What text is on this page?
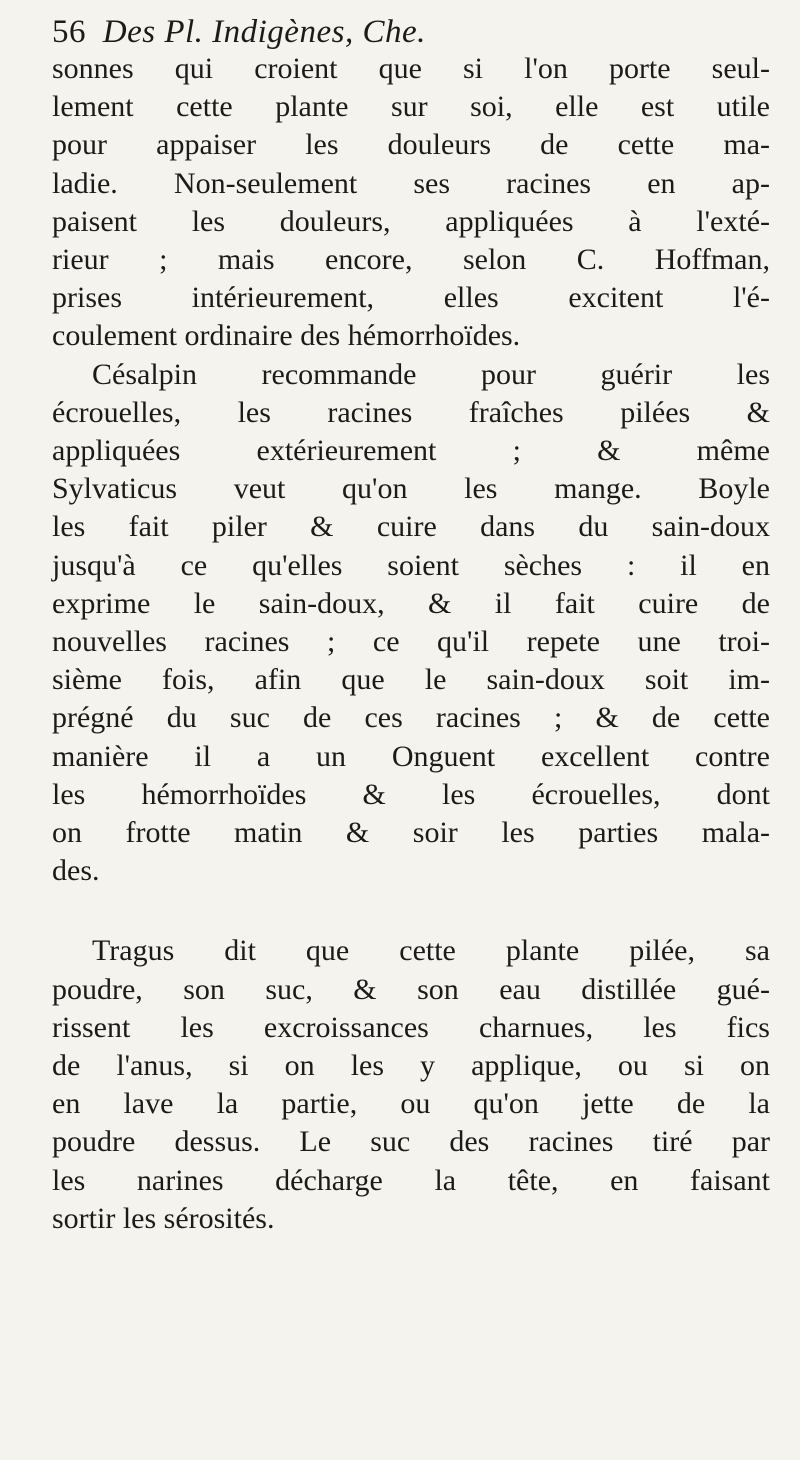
56 Des Pl. Indigènes, Che.

sonnes qui croient que si l'on porte seul-
lement cette plante sur soi, elle est utile
pour appaiser les douleurs de cette ma-
ladie. Non-seulement ses racines en ap-
paisent les douleurs, appliquées à l'exté-
rieur ; mais encore, selon C. Hoffman,
prises intérieurement, elles excitent l'é-
coulement ordinaire des hémorrhoïdes.

Césalpin recommande pour guérir les
écrouelles, les racines fraîches pilées &
appliquées extérieurement ; & même
Sylvaticus veut qu'on les mange. Boyle
les fait piler & cuire dans du sain-doux
jusqu'à ce qu'elles soient sèches : il en
exprime le sain-doux, & il fait cuire de
nouvelles racines ; ce qu'il repete une troi-
sième fois, afin que le sain-doux soit im-
prégné du suc de ces racines ; & de cette
manière il a un Onguent excellent contre
les hémorrhoïdes & les écrouelles, dont
on frotte matin & soir les parties mala-
des.

Tragus dit que cette plante pilée, sa
poudre, son suc, & son eau distillée gué-
rissent les excroissances charnues, les fics
de l'anus, si on les y applique, ou si on
en lave la partie, ou qu'on jette de la
poudre dessus. Le suc des racines tiré par
les narines décharge la tête, en faisant
sortir les sérosités.
